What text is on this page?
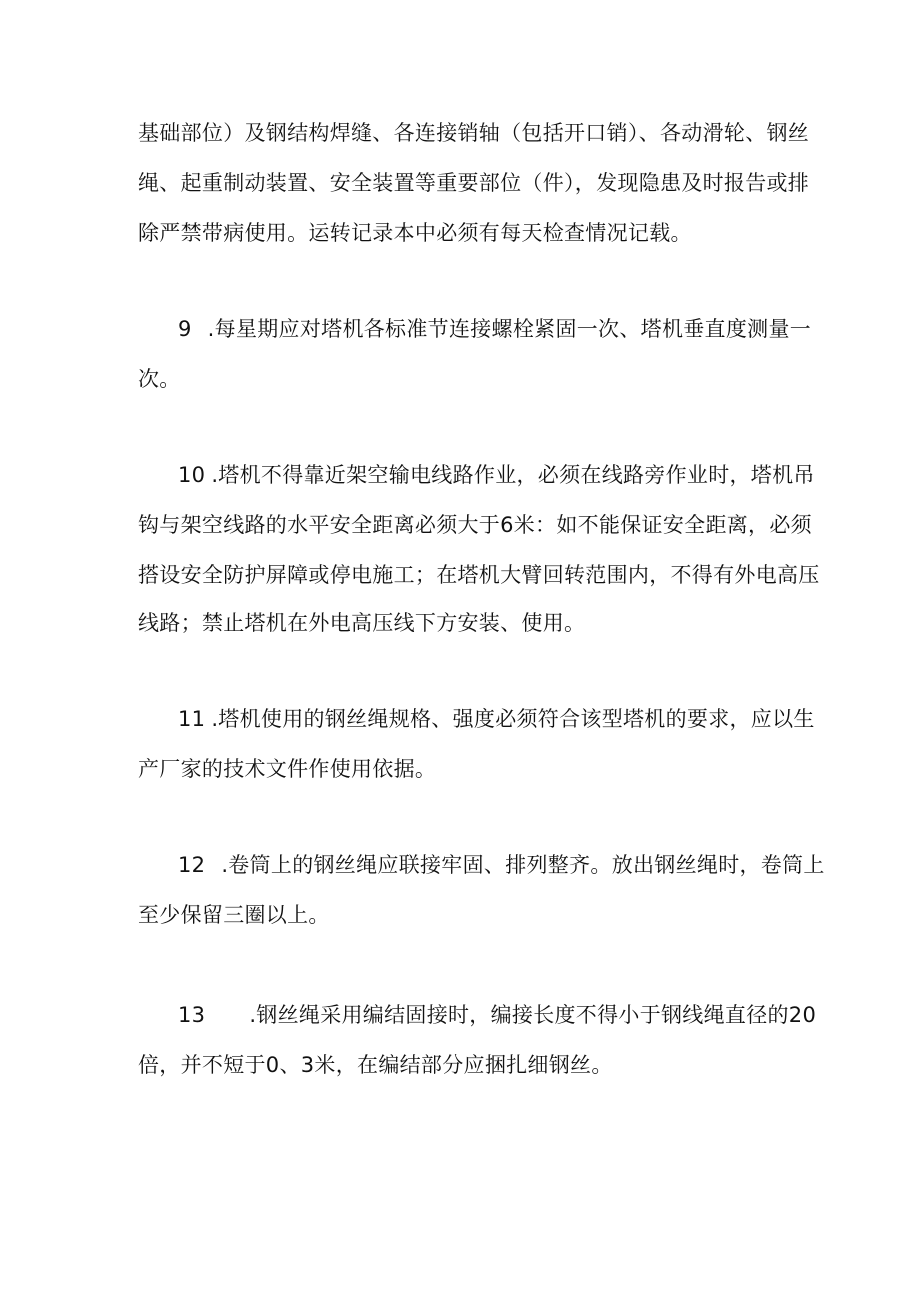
基础部位）及钢结构焊缝、各连接销轴（包括开口销）、各动滑轮、钢丝
绳、起重制动装置、安全装置等重要部位（件），发现隐患及时报告或排
除严禁带病使用。运转记录本中必须有每天检查情况记载。
9 .每星期应对塔机各标准节连接螺栓紧固一次、塔机垂直度测量一
次。
10 .塔机不得靠近架空输电线路作业，必须在线路旁作业时，塔机吊
钩与架空线路的水平安全距离必须大于6米：如不能保证安全距离，必须
搭设安全防护屏障或停电施工；在塔机大臂回转范围内，不得有外电高压
线路；禁止塔机在外电高压线下方安装、使用。
11 .塔机使用的钢丝绳规格、强度必须符合该型塔机的要求，应以生
产厂家的技术文件作使用依据。
12 .卷筒上的钢丝绳应联接牢固、排列整齐。放出钢丝绳时，卷筒上
至少保留三圈以上。
13 .钢丝绳采用编结固接时，编接长度不得小于钢线绳直径的20
倍，并不短于0、3米，在编结部分应捆扎细钢丝。
